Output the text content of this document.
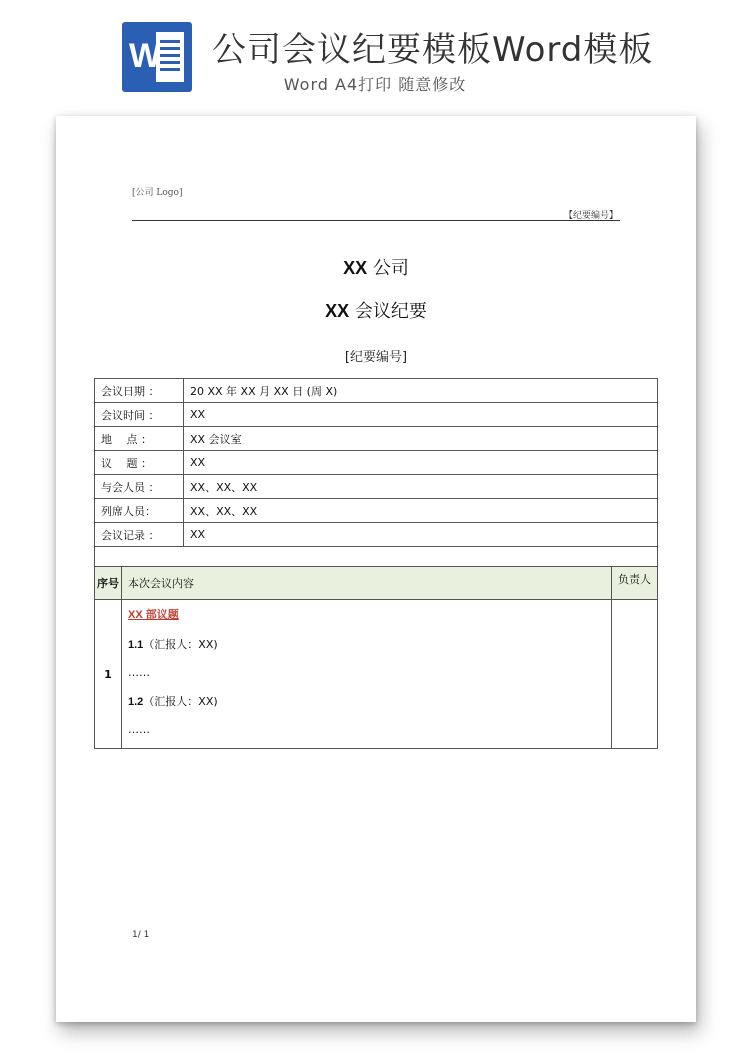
W 公司会议纪要模板Word模板
Word A4打印 随意修改
[公司 Logo]
【纪要编号】
XX 公司
XX 会议纪要
[纪要编号]
会议日期 ：	20 XX 年 XX 月 XX 日 (周 X)
会议时间 ：	XX
地　 点 ：	XX 会议室
议　 题 ：	XX
与会人员 ：	XX、XX、XX
列席人员：	XX、XX、XX
会议记录 ：	XX

序号	本次会议内容	负责人
1	XX 部议题
1.1（汇报人：XX)
……
1.2（汇报人：XX)
……	

1/ 1
